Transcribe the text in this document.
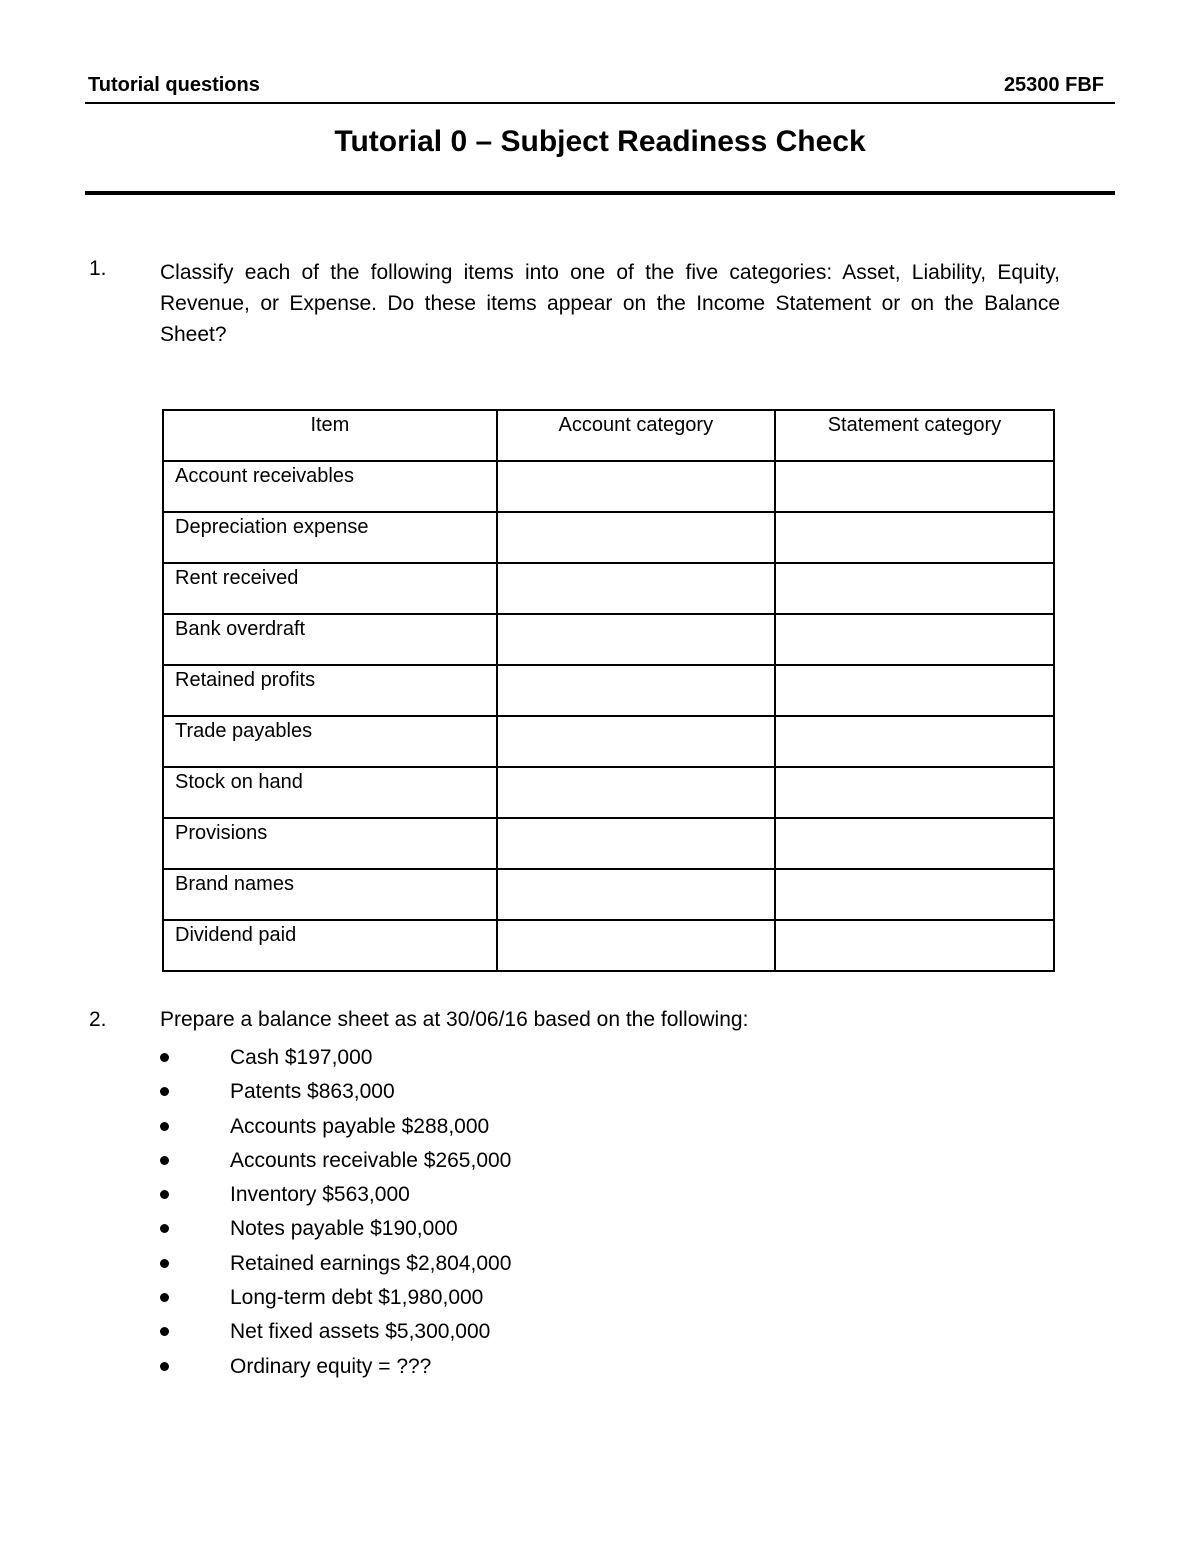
Tutorial questions	25300 FBF
Tutorial 0 – Subject Readiness Check
1.	Classify each of the following items into one of the five categories: Asset, Liability, Equity, Revenue, or Expense. Do these items appear on the Income Statement or on the Balance Sheet?
Item	Account category	Statement category
Account receivables		
Depreciation expense		
Rent received		
Bank overdraft		
Retained profits		
Trade payables		
Stock on hand		
Provisions		
Brand names		
Dividend paid		
2.	Prepare a balance sheet as at 30/06/16 based on the following:
Cash $197,000
Patents $863,000
Accounts payable $288,000
Accounts receivable $265,000
Inventory $563,000
Notes payable $190,000
Retained earnings $2,804,000
Long-term debt $1,980,000
Net fixed assets $5,300,000
Ordinary equity = ???
